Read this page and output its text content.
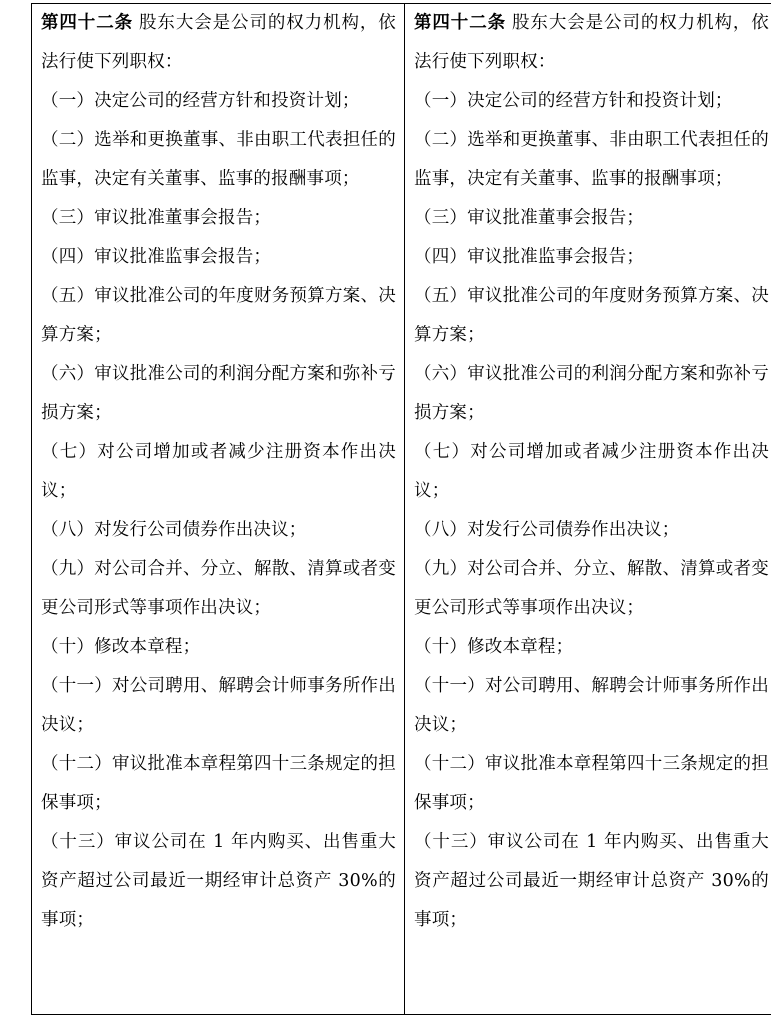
第四十二条 股东大会是公司的权力机构，依法行使下列职权：

（一）决定公司的经营方针和投资计划；

（二）选举和更换董事、非由职工代表担任的监事，决定有关董事、监事的报酬事项；

（三）审议批准董事会报告；

（四）审议批准监事会报告；

（五）审议批准公司的年度财务预算方案、决算方案；

（六）审议批准公司的利润分配方案和弥补亏损方案；

（七）对公司增加或者减少注册资本作出决议；

（八）对发行公司债券作出决议；

（九）对公司合并、分立、解散、清算或者变更公司形式等事项作出决议；

（十）修改本章程；

（十一）对公司聘用、解聘会计师事务所作出决议；

（十二）审议批准本章程第四十三条规定的担保事项；

（十三）审议公司在 1 年内购买、出售重大资产超过公司最近一期经审计总资产 30%的事项；

第四十二条 股东大会是公司的权力机构，依法行使下列职权：

（一）决定公司的经营方针和投资计划；

（二）选举和更换董事、非由职工代表担任的监事，决定有关董事、监事的报酬事项；

（三）审议批准董事会报告；

（四）审议批准监事会报告；

（五）审议批准公司的年度财务预算方案、决算方案；

（六）审议批准公司的利润分配方案和弥补亏损方案；

（七）对公司增加或者减少注册资本作出决议；

（八）对发行公司债券作出决议；

（九）对公司合并、分立、解散、清算或者变更公司形式等事项作出决议；

（十）修改本章程；

（十一）对公司聘用、解聘会计师事务所作出决议；

（十二）审议批准本章程第四十三条规定的担保事项；

（十三）审议公司在 1 年内购买、出售重大资产超过公司最近一期经审计总资产 30%的事项；
